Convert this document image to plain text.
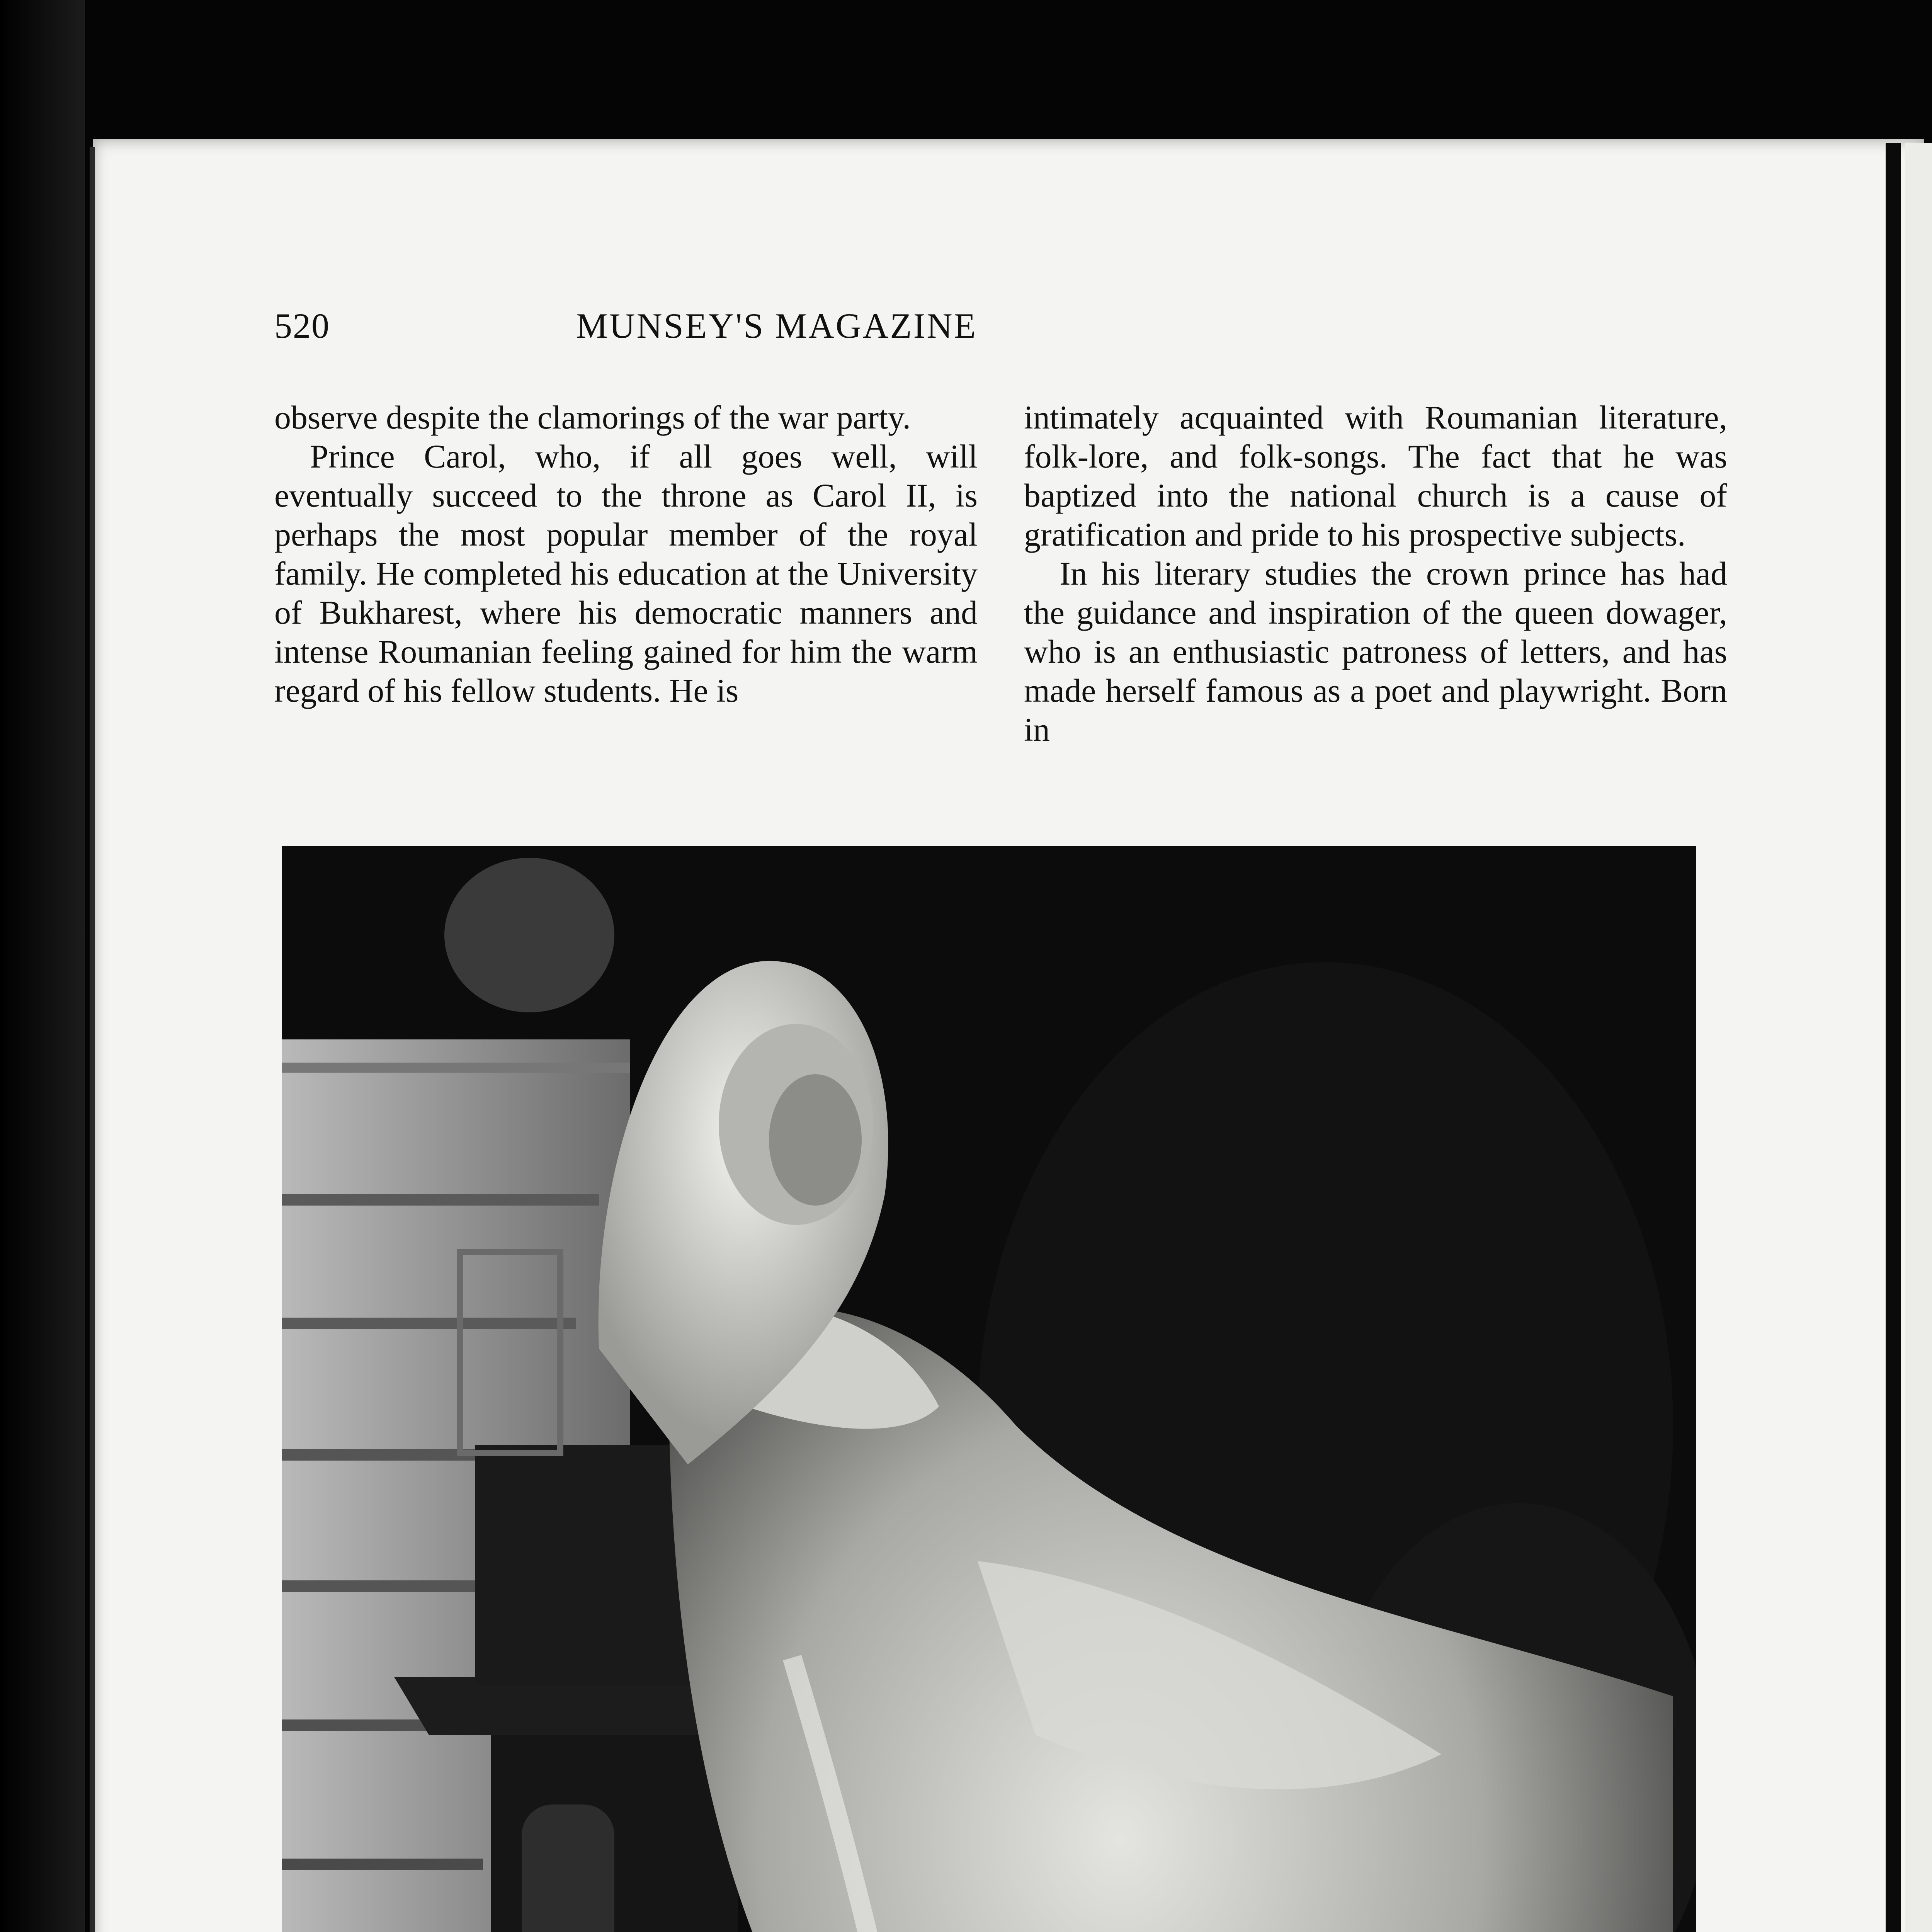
520	MUNSEY'S MAGAZINE

observe despite the clamorings of the war party.

Prince Carol, who, if all goes well, will eventually succeed to the throne as Carol II, is perhaps the most popular member of the royal family. He completed his education at the University of Bukharest, where his democratic manners and intense Roumanian feeling gained for him the warm regard of his fellow students. He is

intimately acquainted with Roumanian literature, folk-lore, and folk-songs. The fact that he was baptized into the national church is a cause of gratification and pride to his prospective subjects.

In his literary studies the crown prince has had the guidance and inspiration of the queen dowager, who is an enthusiastic patroness of letters, and has made herself famous as a poet and playwright. Born in
